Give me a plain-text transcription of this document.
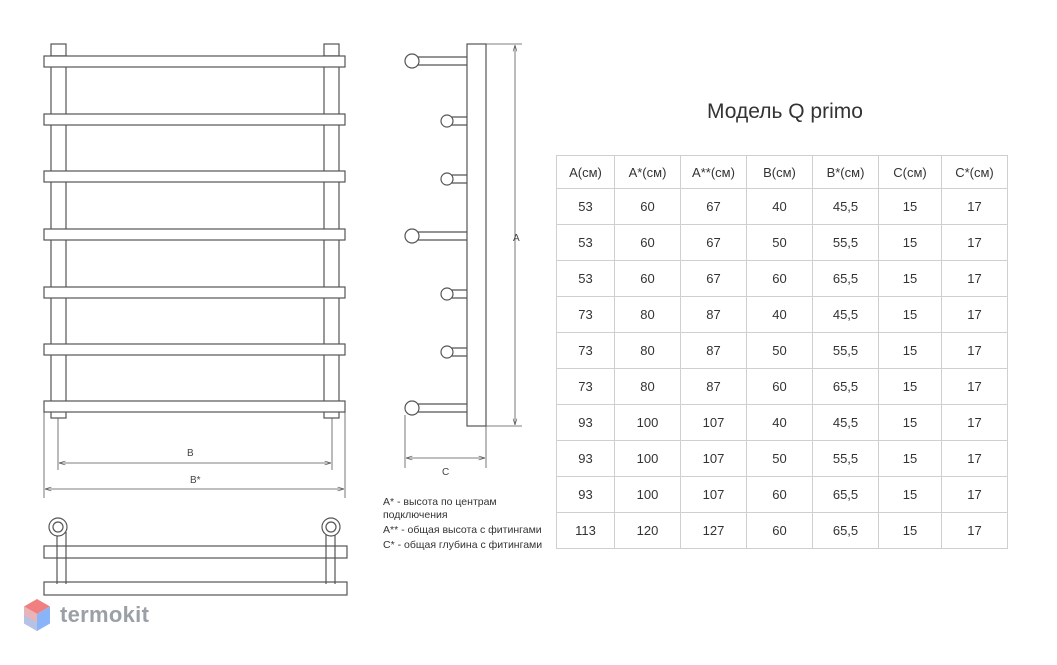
B
B*
A
C
A* - высота по центрам подключения
A** - общая высота с фитингами
C* - общая глубина с фитингами
Модель Q primo
A(см)	A*(см)	A**(см)	B(см)	B*(см)	C(см)	C*(см)
53	60	67	40	45,5	15	17
53	60	67	50	55,5	15	17
53	60	67	60	65,5	15	17
73	80	87	40	45,5	15	17
73	80	87	50	55,5	15	17
73	80	87	60	65,5	15	17
93	100	107	40	45,5	15	17
93	100	107	50	55,5	15	17
93	100	107	60	65,5	15	17
113	120	127	60	65,5	15	17
termokit
